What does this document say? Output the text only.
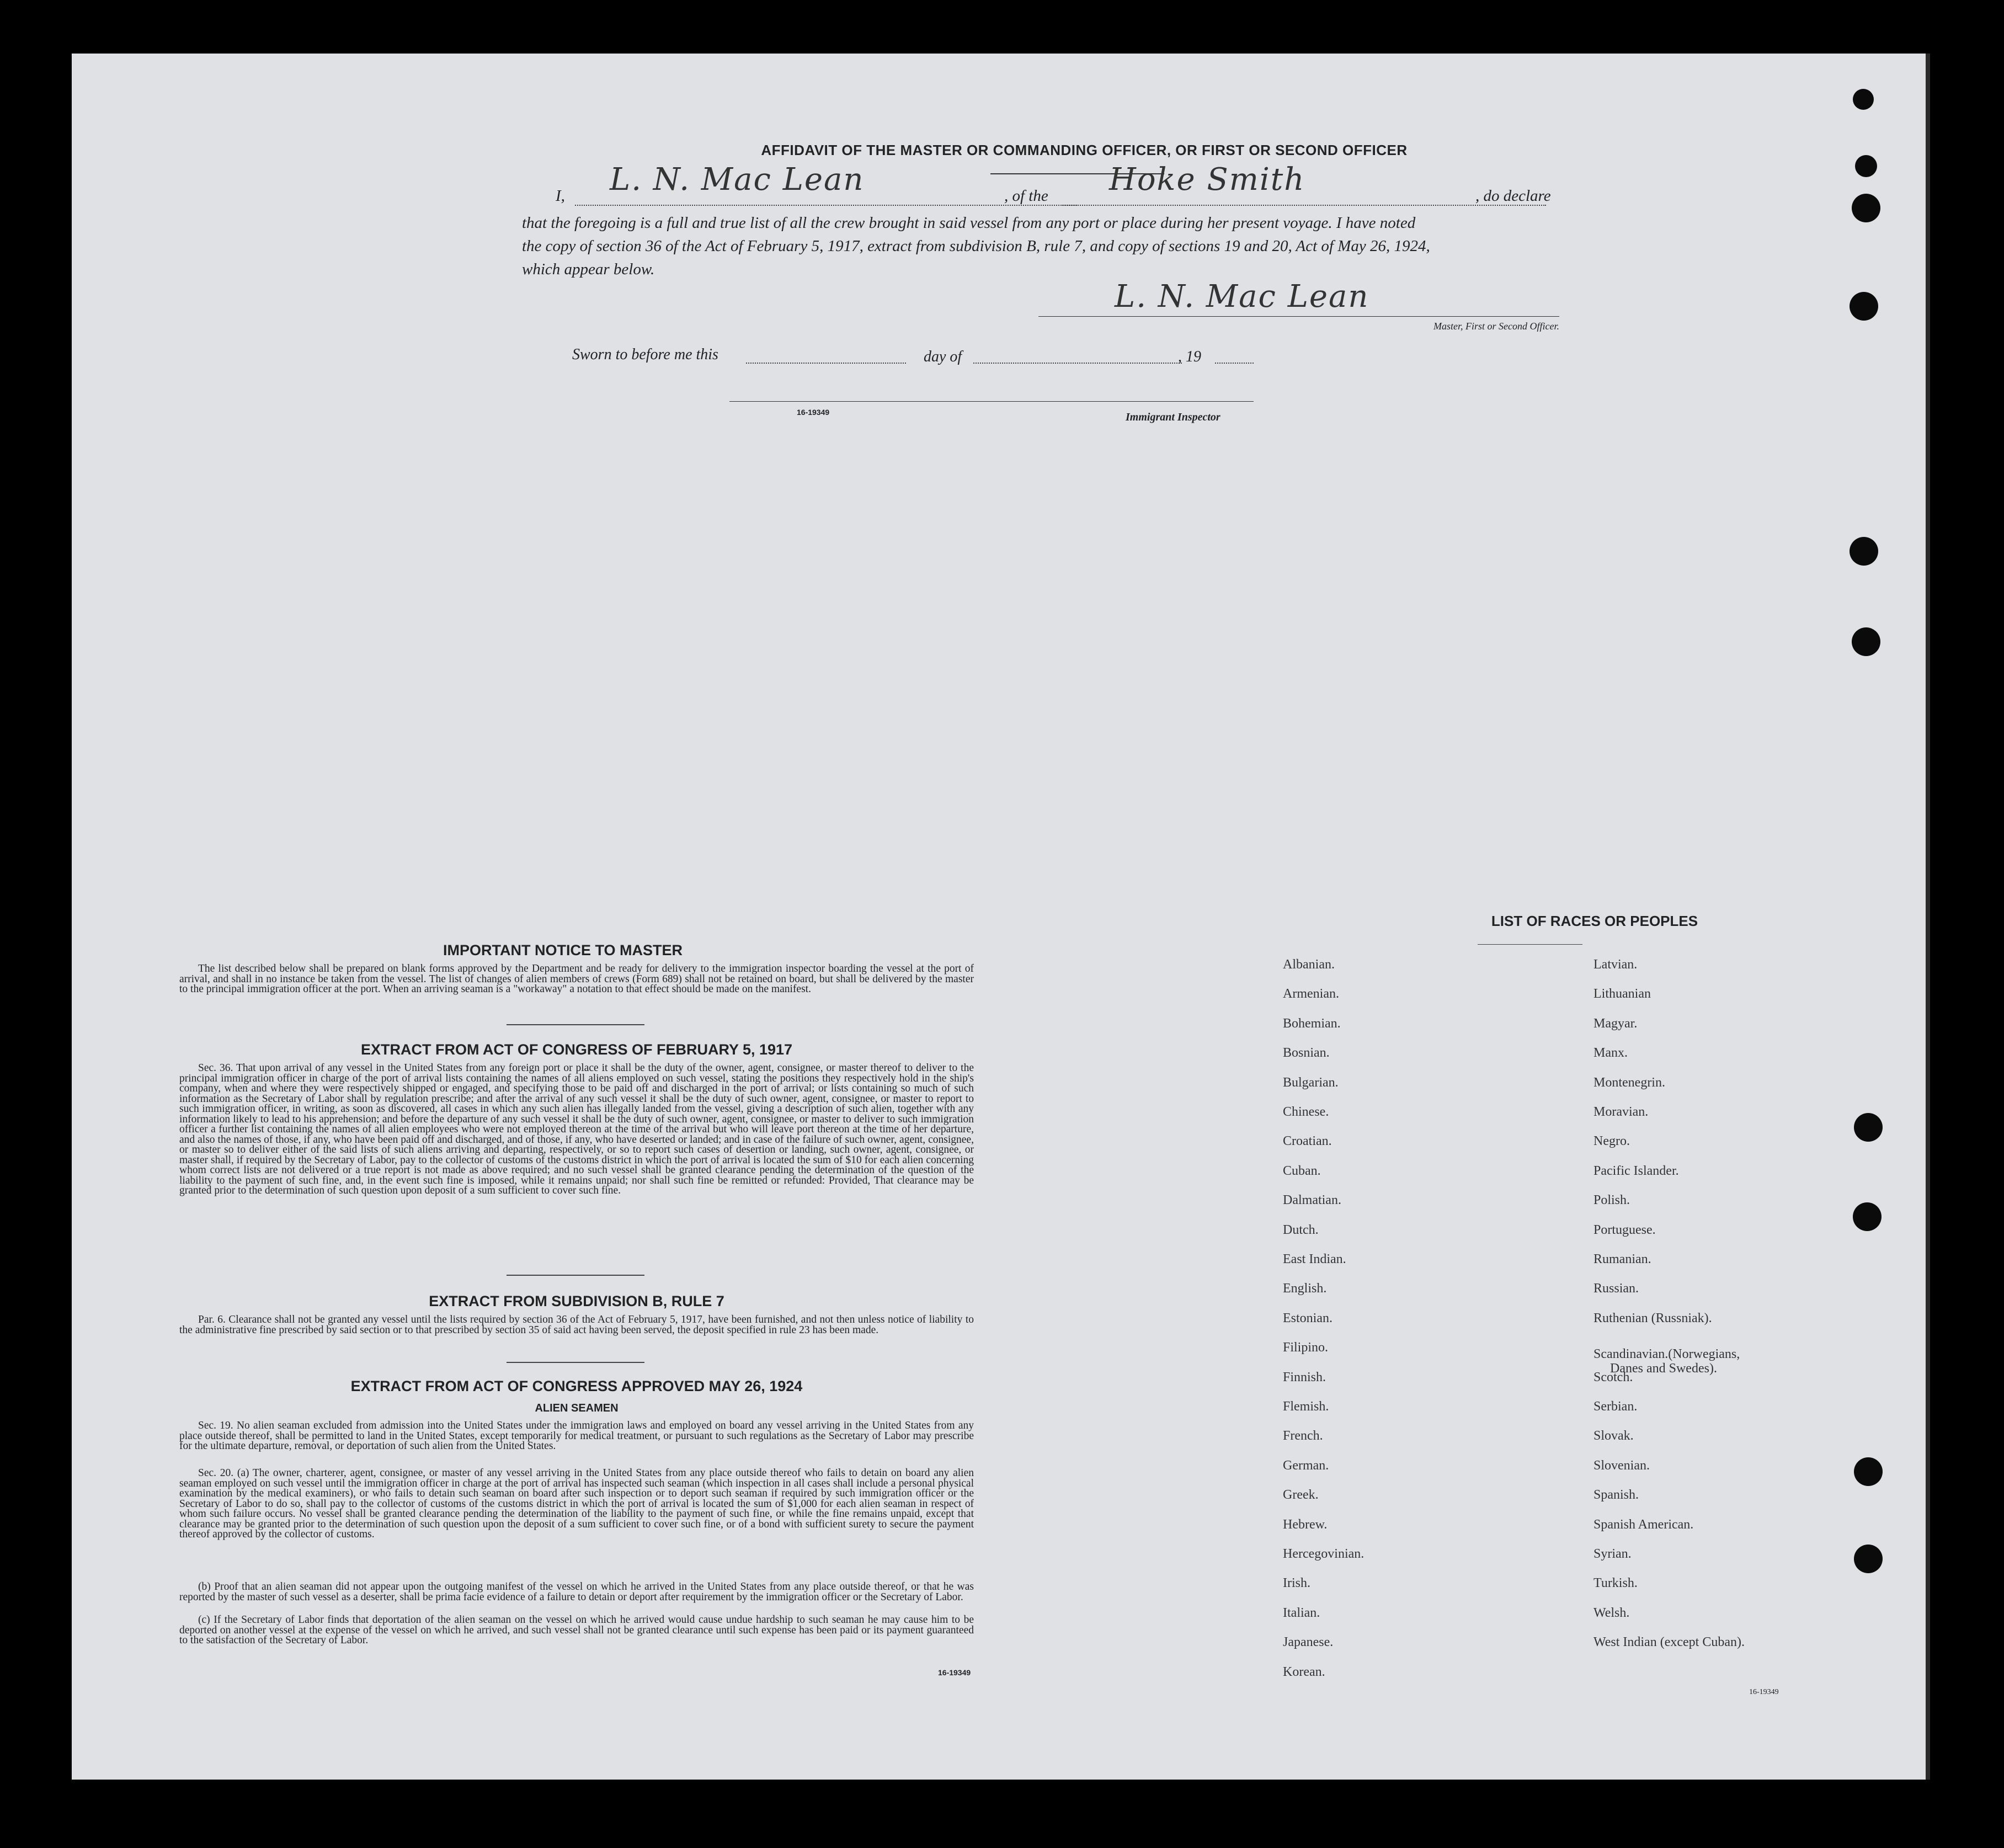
AFFIDAVIT OF THE MASTER OR COMMANDING OFFICER, OR FIRST OR SECOND OFFICER
I, L. N. Mac Lean	, of the Hoke Smith	, do declare
that the foregoing is a full and true list of all the crew brought in said vessel from any port or place during her present voyage. I have noted
the copy of section 36 of the Act of February 5, 1917, extract from subdivision B, rule 7, and copy of sections 19 and 20, Act of May 26, 1924,
which appear below.
L. N. Mac Lean
Master, First or Second Officer.
Sworn to before me this	day of	, 19
16-19349	Immigrant Inspector
IMPORTANT NOTICE TO MASTER
The list described below shall be prepared on blank forms approved by the Department and be ready for delivery to the immigration inspector boarding the vessel at the port of arrival, and shall in no instance be taken from the vessel. The list of changes of alien members of crews (Form 689) shall not be retained on board, but shall be delivered by the master to the principal immigration officer at the port. When an arriving seaman is a "workaway" a notation to that effect should be made on the manifest.
EXTRACT FROM ACT OF CONGRESS OF FEBRUARY 5, 1917
Sec. 36. That upon arrival of any vessel in the United States from any foreign port or place it shall be the duty of the owner, agent, consignee, or master thereof to deliver to the principal immigration officer in charge of the port of arrival lists containing the names of all aliens employed on such vessel, stating the positions they respectively hold in the ship's company, when and where they were respectively shipped or engaged, and specifying those to be paid off and discharged in the port of arrival; or lists containing so much of such information as the Secretary of Labor shall by regulation prescribe; and after the arrival of any such vessel it shall be the duty of such owner, agent, consignee, or master to report to such immigration officer, in writing, as soon as discovered, all cases in which any such alien has illegally landed from the vessel, giving a description of such alien, together with any information likely to lead to his apprehension; and before the departure of any such vessel it shall be the duty of such owner, agent, consignee, or master to deliver to such immigration officer a further list containing the names of all alien employees who were not employed thereon at the time of the arrival but who will leave port thereon at the time of her departure, and also the names of those, if any, who have been paid off and discharged, and of those, if any, who have deserted or landed; and in case of the failure of such owner, agent, consignee, or master so to deliver either of the said lists of such aliens arriving and departing, respectively, or so to report such cases of desertion or landing, such owner, agent, consignee, or master shall, if required by the Secretary of Labor, pay to the collector of customs of the customs district in which the port of arrival is located the sum of $10 for each alien concerning whom correct lists are not delivered or a true report is not made as above required; and no such vessel shall be granted clearance pending the determination of the question of the liability to the payment of such fine, and, in the event such fine is imposed, while it remains unpaid; nor shall such fine be remitted or refunded: Provided, That clearance may be granted prior to the determination of such question upon deposit of a sum sufficient to cover such fine.
EXTRACT FROM SUBDIVISION B, RULE 7
Par. 6. Clearance shall not be granted any vessel until the lists required by section 36 of the Act of February 5, 1917, have been furnished, and not then unless notice of liability to the administrative fine prescribed by said section or to that prescribed by section 35 of said act having been served, the deposit specified in rule 23 has been made.
EXTRACT FROM ACT OF CONGRESS APPROVED MAY 26, 1924
ALIEN SEAMEN
Sec. 19. No alien seaman excluded from admission into the United States under the immigration laws and employed on board any vessel arriving in the United States from any place outside thereof, shall be permitted to land in the United States, except temporarily for medical treatment, or pursuant to such regulations as the Secretary of Labor may prescribe for the ultimate departure, removal, or deportation of such alien from the United States.
Sec. 20. (a) The owner, charterer, agent, consignee, or master of any vessel arriving in the United States from any place outside thereof who fails to detain on board any alien seaman employed on such vessel until the immigration officer in charge at the port of arrival has inspected such seaman (which inspection in all cases shall include a personal physical examination by the medical examiners), or who fails to detain such seaman on board after such inspection or to deport such seaman if required by such immigration officer or the Secretary of Labor to do so, shall pay to the collector of customs of the customs district in which the port of arrival is located the sum of $1,000 for each alien seaman in respect of whom such failure occurs. No vessel shall be granted clearance pending the determination of the liability to the payment of such fine, or while the fine remains unpaid, except that clearance may be granted prior to the determination of such question upon the deposit of a sum sufficient to cover such fine, or of a bond with sufficient surety to secure the payment thereof approved by the collector of customs.
(b) Proof that an alien seaman did not appear upon the outgoing manifest of the vessel on which he arrived in the United States from any place outside thereof, or that he was reported by the master of such vessel as a deserter, shall be prima facie evidence of a failure to detain or deport after requirement by the immigration officer or the Secretary of Labor.
(c) If the Secretary of Labor finds that deportation of the alien seaman on the vessel on which he arrived would cause undue hardship to such seaman he may cause him to be deported on another vessel at the expense of the vessel on which he arrived, and such vessel shall not be granted clearance until such expense has been paid or its payment guaranteed to the satisfaction of the Secretary of Labor.
16-19349
LIST OF RACES OR PEOPLES
16-19349
Albanian.
Armenian.
Bohemian.
Bosnian.
Bulgarian.
Chinese.
Croatian.
Cuban.
Dalmatian.
Dutch.
East Indian.
English.
Estonian.
Filipino.
Finnish.
Flemish.
French.
German.
Greek.
Hebrew.
Hercegovinian.
Irish.
Italian.
Japanese.
Korean.
Latvian.
Lithuanian
Magyar.
Manx.
Montenegrin.
Moravian.
Negro.
Pacific Islander.
Polish.
Portuguese.
Rumanian.
Russian.
Ruthenian (Russniak).
Scandinavian.(Norwegians,
Danes and Swedes).
Scotch.
Serbian.
Slovak.
Slovenian.
Spanish.
Spanish American.
Syrian.
Turkish.
Welsh.
West Indian (except Cuban).
